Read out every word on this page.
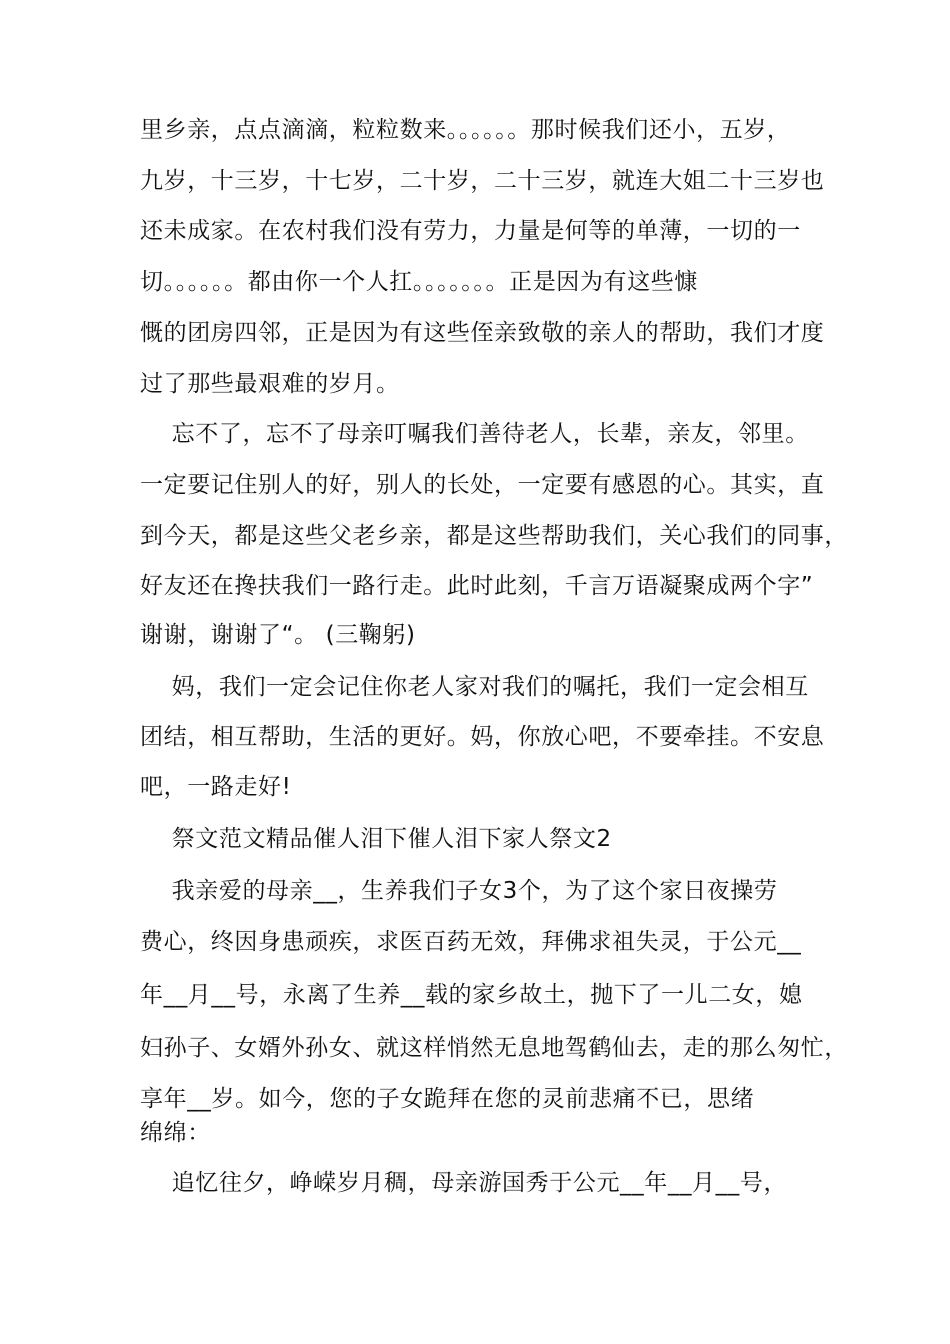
里乡亲，点点滴滴，粒粒数来。。。。。。那时候我们还小，五岁，
九岁，十三岁，十七岁，二十岁，二十三岁，就连大姐二十三岁也
还未成家。在农村我们没有劳力，力量是何等的单薄，一切的一
切。。。。。。都由你一个人扛。。。。。。。正是因为有这些慷
慨的团房四邻，正是因为有这些侄亲致敬的亲人的帮助，我们才度
过了那些最艰难的岁月。
忘不了，忘不了母亲叮嘱我们善待老人，长辈，亲友，邻里。
一定要记住别人的好，别人的长处，一定要有感恩的心。其实，直
到今天，都是这些父老乡亲，都是这些帮助我们，关心我们的同事，
好友还在搀扶我们一路行走。此时此刻，千言万语凝聚成两个字”
谢谢，谢谢了“。 (三鞠躬)
妈，我们一定会记住你老人家对我们的嘱托，我们一定会相互
团结，相互帮助，生活的更好。妈，你放心吧，不要牵挂。不安息
吧，一路走好!
祭文范文精品催人泪下催人泪下家人祭文2
我亲爱的母亲__，生养我们子女3个，为了这个家日夜操劳
费心，终因身患顽疾，求医百药无效，拜佛求祖失灵，于公元__
年__月__号，永离了生养__载的家乡故土，抛下了一儿二女，媳
妇孙子、女婿外孙女、就这样悄然无息地驾鹤仙去，走的那么匆忙，
享年__岁。如今，您的子女跪拜在您的灵前悲痛不已，思绪
绵绵：
追忆往夕，峥嵘岁月稠，母亲游国秀于公元__年__月__号，
